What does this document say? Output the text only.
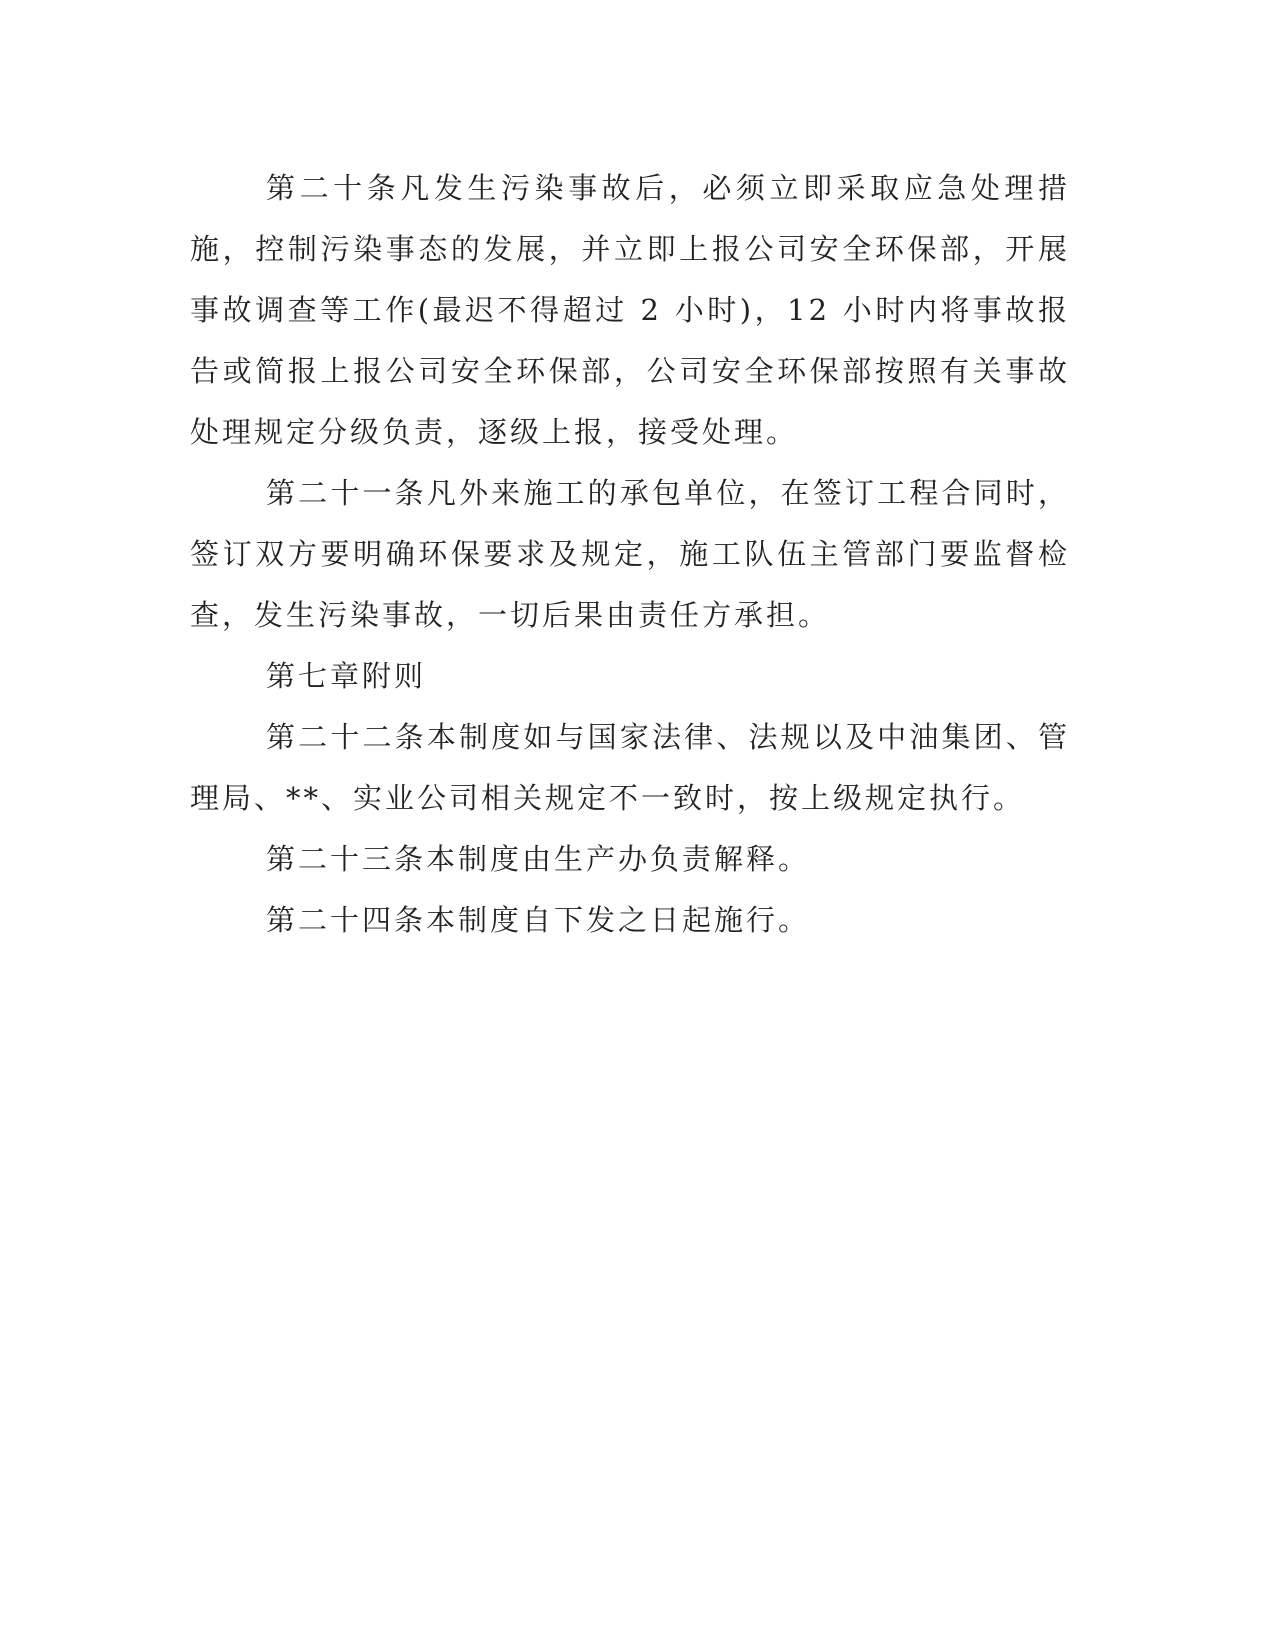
第二十条凡发生污染事故后，必须立即采取应急处理措施，控制污染事态的发展，并立即上报公司安全环保部，开展事故调查等工作(最迟不得超过 2 小时)，12 小时内将事故报告或简报上报公司安全环保部，公司安全环保部按照有关事故处理规定分级负责，逐级上报，接受处理。

第二十一条凡外来施工的承包单位，在签订工程合同时，签订双方要明确环保要求及规定，施工队伍主管部门要监督检查，发生污染事故，一切后果由责任方承担。

第七章附则

第二十二条本制度如与国家法律、法规以及中油集团、管理局、**、实业公司相关规定不一致时，按上级规定执行。

第二十三条本制度由生产办负责解释。

第二十四条本制度自下发之日起施行。
